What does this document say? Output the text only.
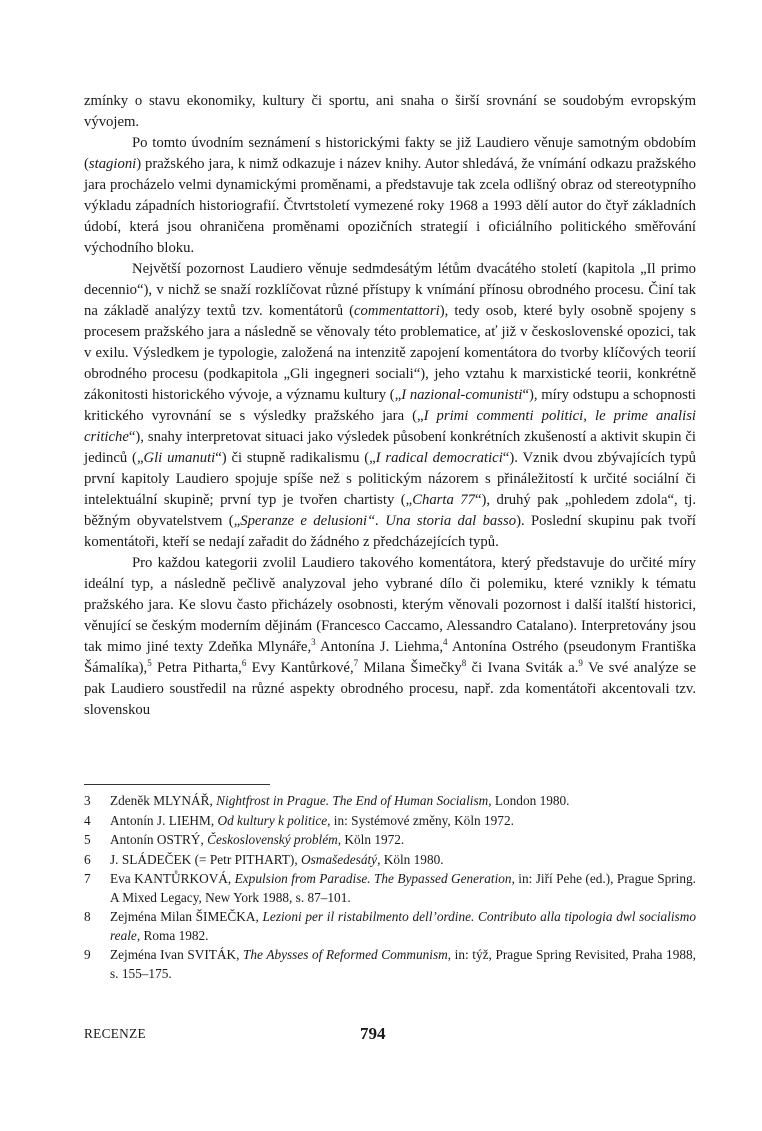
zmínky o stavu ekonomiky, kultury či sportu, ani snaha o širší srovnání se soudobým evropským vývojem.

Po tomto úvodním seznámení s historickými fakty se již Laudiero věnuje samotným obdobím (stagioni) pražského jara, k nimž odkazuje i název knihy. Autor shledává, že vnímání odkazu pražského jara procházelo velmi dynamickými proměnami, a představuje tak zcela odlišný obraz od stereotypního výkladu západních historiografií. Čtvrtstoletí vymezené roky 1968 a 1993 dělí autor do čtyř základních údobí, která jsou ohraničena proměnami opozičních strategií i oficiálního politického směřování východního bloku.

Největší pozornost Laudiero věnuje sedmdesátým létům dvacátého století (kapitola „Il primo decennio“), v nichž se snaží rozklíčovat různé přístupy k vnímání přínosu obrodného procesu. Činí tak na základě analýzy textů tzv. komentátorů (commentattori), tedy osob, které byly osobně spojeny s procesem pražského jara a následně se věnovaly této problematice, ať již v československé opozici, tak v exilu. Výsledkem je typologie, založená na intenzitě zapojení komentátora do tvorby klíčových teorií obrodného procesu (podkapitola „Gli ingegneri sociali“), jeho vztahu k marxistické teorii, konkrétně zákonitosti historického vývoje, a významu kultury („I nazional-comunisti“), míry odstupu a schopnosti kritického vyrovnání se s výsledky pražského jara („I primi commenti politici, le prime analisi critiche“), snahy interpretovat situaci jako výsledek působení konkrétních zkušeností a aktivit skupin či jedinců („Gli umanuti“) či stupně radikalismu („I radical democratici“). Vznik dvou zbývajících typů první kapitoly Laudiero spojuje spíše než s politickým názorem s přináležitostí k určité sociální či intelektuální skupině; první typ je tvořen chartisty („Charta 77“), druhý pak „pohledem zdola“, tj. běžným obyvatelstvem („Speranze e delusioni“. Una storia dal basso). Poslední skupinu pak tvoří komentátoři, kteří se nedají zařadit do žádného z předcházejících typů.

Pro každou kategorii zvolil Laudiero takového komentátora, který představuje do určité míry ideální typ, a následně pečlivě analyzoval jeho vybrané dílo či polemiku, které vznikly k tématu pražského jara. Ke slovu často přicházely osobnosti, kterým věnovali pozornost i další italští historici, věnující se českým moderním dějinám (Francesco Caccamo, Alessandro Catalano). Interpretovány jsou tak mimo jiné texty Zdeňka Mlynáře,$^3$ Antonína J. Liehma,$^4$ Antonína Ostrého (pseudonym Františka Šámalíka),$^5$ Petra Pitharta,$^6$ Evy Kantůrkové,$^7$ Milana Šimečky$^8$ či Ivana Sviták a.$^9$ Ve své analýze se pak Laudiero soustředil na různé aspekty obrodného procesu, např. zda komentátoři akcentovali tzv. slovenskou

3	Zdeněk MLYNÁŘ, Nightfrost in Prague. The End of Human Socialism, London 1980.
4	Antonín J. LIEHM, Od kultury k politice, in: Systémové změny, Köln 1972.
5	Antonín OSTRÝ, Československý problém, Köln 1972.
6	J. SLÁDEČEK (= Petr PITHART), Osmašedesátý, Köln 1980.
7	Eva KANTŮRKOVÁ, Expulsion from Paradise. The Bypassed Generation, in: Jiří Pehe (ed.), Prague Spring. A Mixed Legacy, New York 1988, s. 87–101.
8	Zejména Milan ŠIMEČKA, Lezioni per il ristabilmento dell’ordine. Contributo alla tipologia dwl socialismo reale, Roma 1982.
9	Zejména Ivan SVITÁK, The Abysses of Reformed Communism, in: týž, Prague Spring Revisited, Praha 1988, s. 155–175.
RECENZE	794
